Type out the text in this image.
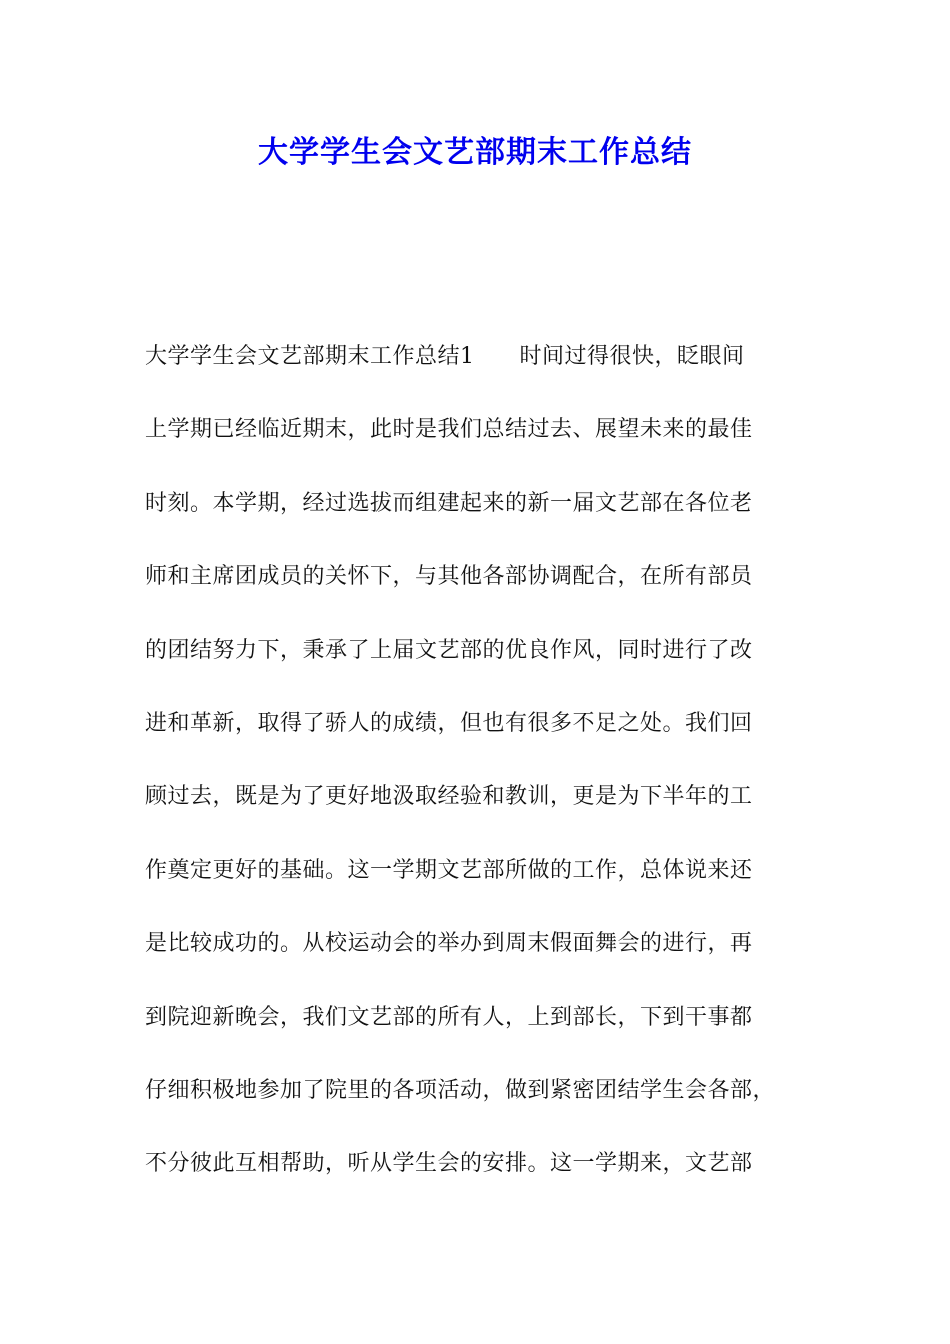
大学学生会文艺部期末工作总结
大学学生会文艺部期末工作总结1　　时间过得很快，眨眼间
上学期已经临近期末，此时是我们总结过去、展望未来的最佳
时刻。本学期，经过选拔而组建起来的新一届文艺部在各位老
师和主席团成员的关怀下，与其他各部协调配合，在所有部员
的团结努力下，秉承了上届文艺部的优良作风，同时进行了改
进和革新，取得了骄人的成绩，但也有很多不足之处。我们回
顾过去，既是为了更好地汲取经验和教训，更是为下半年的工
作奠定更好的基础。这一学期文艺部所做的工作，总体说来还
是比较成功的。从校运动会的举办到周末假面舞会的进行，再
到院迎新晚会，我们文艺部的所有人，上到部长，下到干事都
仔细积极地参加了院里的各项活动，做到紧密团结学生会各部，
不分彼此互相帮助，听从学生会的安排。这一学期来，文艺部
